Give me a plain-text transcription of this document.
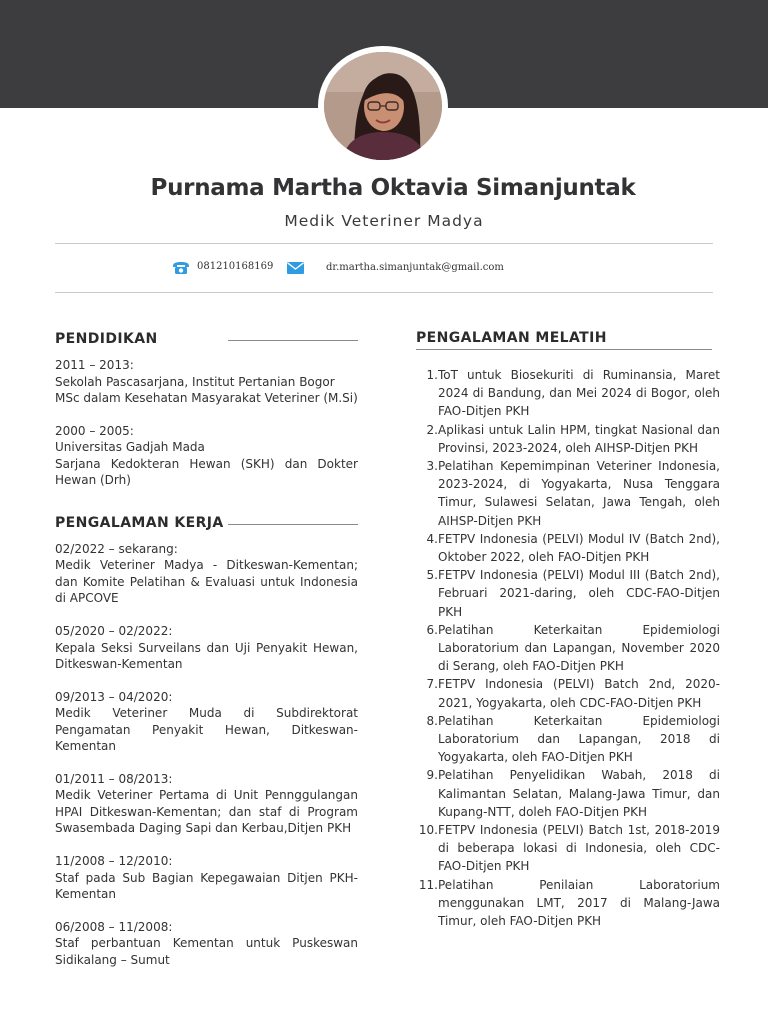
Purnama Martha Oktavia Simanjuntak
Medik Veteriner Madya
081210168169	dr.martha.simanjuntak@gmail.com
PENDIDIKAN

2011 – 2013:

Sekolah Pascasarjana, Institut Pertanian Bogor

MSc dalam Kesehatan Masyarakat Veteriner (M.Si)

2000 – 2005:

Universitas Gadjah Mada

Sarjana Kedokteran Hewan (SKH) dan Dokter Hewan (Drh)

PENGALAMAN KERJA

02/2022 – sekarang:

Medik Veteriner Madya - Ditkeswan-Kementan; dan Komite Pelatihan & Evaluasi untuk Indonesia di APCOVE

05/2020 – 02/2022:

Kepala Seksi Surveilans dan Uji Penyakit Hewan, Ditkeswan-Kementan

09/2013 – 04/2020:

Medik Veteriner Muda di Subdirektorat Pengamatan Penyakit Hewan, Ditkeswan-Kementan

01/2011 – 08/2013:

Medik Veteriner Pertama di Unit Pennggulangan HPAI Ditkeswan-Kementan; dan staf di Program Swasembada Daging Sapi dan Kerbau,Ditjen PKH

11/2008 – 12/2010:

Staf pada Sub Bagian Kepegawaian Ditjen PKH-Kementan

06/2008 – 11/2008:

Staf perbantuan Kementan untuk Puskeswan Sidikalang – Sumut

PENGALAMAN MELATIH
1. ToT untuk Biosekuriti di Ruminansia, Maret 2024 di Bandung, dan Mei 2024 di Bogor, oleh FAO-Ditjen PKH
2. Aplikasi untuk Lalin HPM, tingkat Nasional dan Provinsi, 2023-2024, oleh AIHSP-Ditjen PKH
3. Pelatihan Kepemimpinan Veteriner Indonesia, 2023-2024, di Yogyakarta, Nusa Tenggara Timur, Sulawesi Selatan, Jawa Tengah, oleh AIHSP-Ditjen PKH
4. FETPV Indonesia (PELVI) Modul IV (Batch 2nd), Oktober 2022, oleh FAO-Ditjen PKH
5. FETPV Indonesia (PELVI) Modul III (Batch 2nd), Februari 2021-daring, oleh CDC-FAO-Ditjen PKH
6. Pelatihan Keterkaitan Epidemiologi Laboratorium dan Lapangan, November 2020 di Serang, oleh FAO-Ditjen PKH
7. FETPV Indonesia (PELVI) Batch 2nd, 2020-2021, Yogyakarta, oleh CDC-FAO-Ditjen PKH
8. Pelatihan Keterkaitan Epidemiologi Laboratorium dan Lapangan, 2018 di Yogyakarta, oleh FAO-Ditjen PKH
9. Pelatihan Penyelidikan Wabah, 2018 di Kalimantan Selatan, Malang-Jawa Timur, dan Kupang-NTT, doleh FAO-Ditjen PKH
10. FETPV Indonesia (PELVI) Batch 1st, 2018-2019 di beberapa lokasi di Indonesia, oleh CDC-FAO-Ditjen PKH
11. Pelatihan Penilaian Laboratorium menggunakan LMT, 2017 di Malang-Jawa Timur, oleh FAO-Ditjen PKH
